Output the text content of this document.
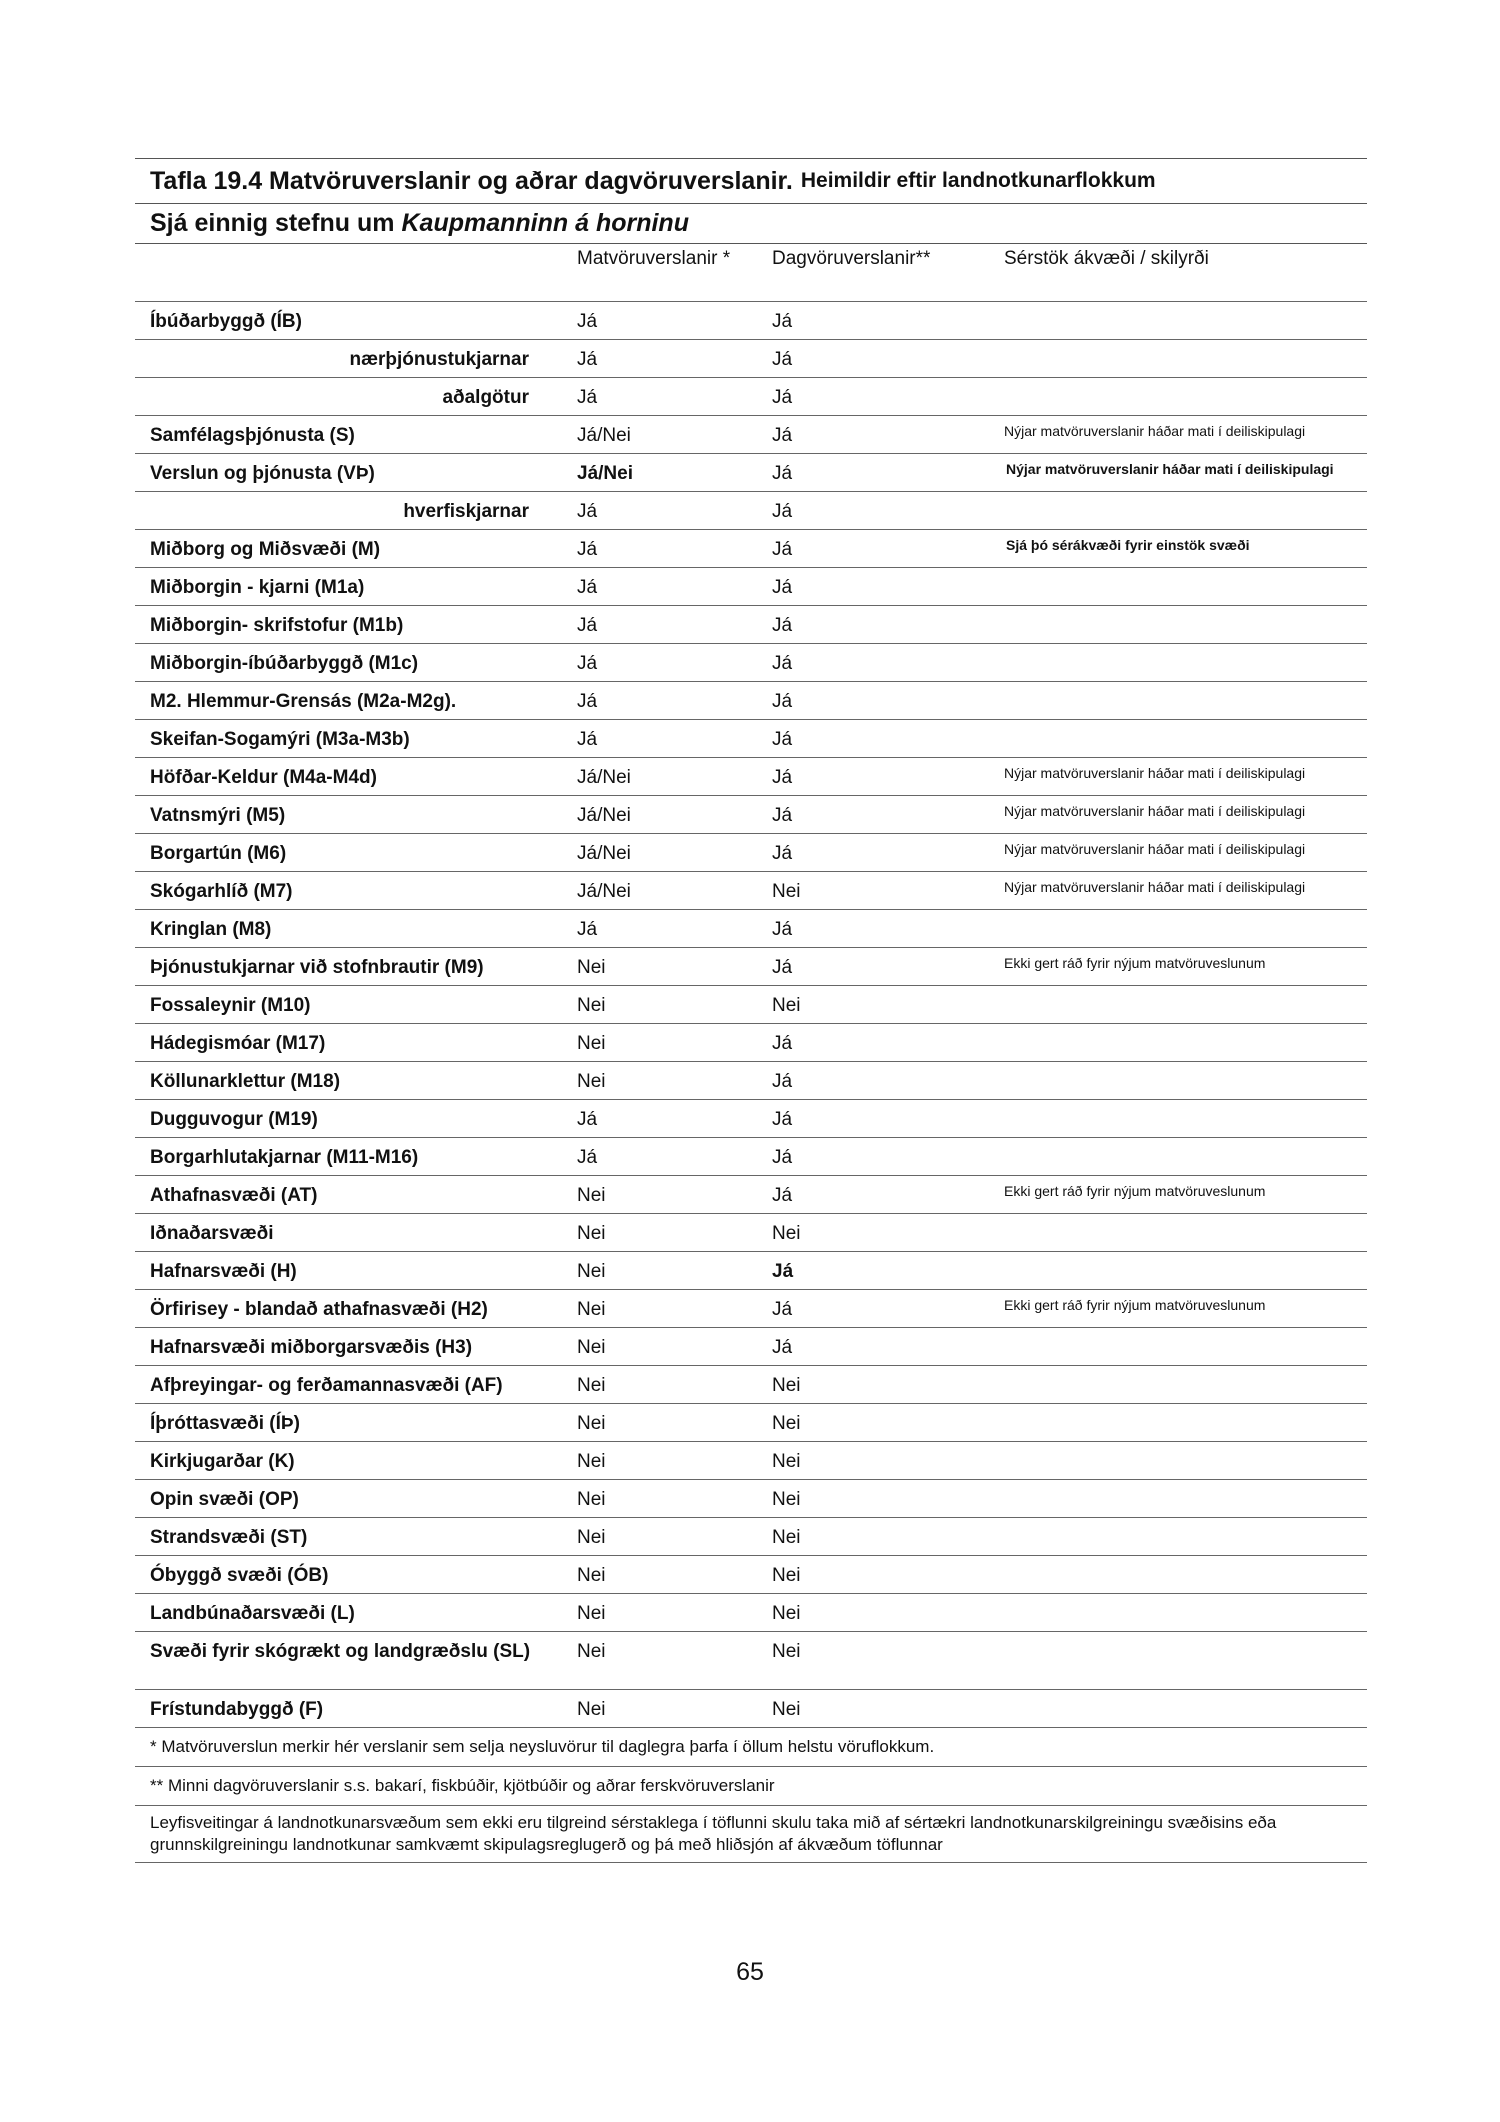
Tafla 19.4 Matvöruverslanir og aðrar dagvöruverslanir. Heimildir eftir landnotkunarflokkum
Sjá einnig stefnu um Kaupmanninn á horninu
	Matvöruverslanir *	Dagvöruverslanir**	Sérstök ákvæði / skilyrði
Íbúðarbyggð (ÍB)	Já	Já	
nærþjónustukjarnar	Já	Já	
aðalgötur	Já	Já	
Samfélagsþjónusta (S)	Já/Nei	Já	Nýjar matvöruverslanir háðar mati í deiliskipulagi
Verslun og þjónusta (VÞ)	Já/Nei	Já	Nýjar matvöruverslanir háðar mati í deiliskipulagi
hverfiskjarnar	Já	Já	
Miðborg og Miðsvæði (M)	Já	Já	Sjá þó sérákvæði fyrir einstök svæði
Miðborgin - kjarni (M1a)	Já	Já	
Miðborgin- skrifstofur (M1b)	Já	Já	
Miðborgin-íbúðarbyggð (M1c)	Já	Já	
M2. Hlemmur-Grensás (M2a-M2g).	Já	Já	
Skeifan-Sogamýri (M3a-M3b)	Já	Já	
Höfðar-Keldur (M4a-M4d)	Já/Nei	Já	Nýjar matvöruverslanir háðar mati í deiliskipulagi
Vatnsmýri (M5)	Já/Nei	Já	Nýjar matvöruverslanir háðar mati í deiliskipulagi
Borgartún (M6)	Já/Nei	Já	Nýjar matvöruverslanir háðar mati í deiliskipulagi
Skógarhlíð (M7)	Já/Nei	Nei	Nýjar matvöruverslanir háðar mati í deiliskipulagi
Kringlan (M8)	Já	Já	
Þjónustukjarnar við stofnbrautir (M9)	Nei	Já	Ekki gert ráð fyrir nýjum matvöruveslunum
Fossaleynir (M10)	Nei	Nei	
Hádegismóar (M17)	Nei	Já	
Köllunarklettur (M18)	Nei	Já	
Dugguvogur (M19)	Já	Já	
Borgarhlutakjarnar (M11-M16)	Já	Já	
Athafnasvæði (AT)	Nei	Já	Ekki gert ráð fyrir nýjum matvöruveslunum
Iðnaðarsvæði	Nei	Nei	
Hafnarsvæði (H)	Nei	Já	
Örfirisey - blandað athafnasvæði (H2)	Nei	Já	Ekki gert ráð fyrir nýjum matvöruveslunum
Hafnarsvæði miðborgarsvæðis (H3)	Nei	Já	
Afþreyingar- og ferðamannasvæði (AF)	Nei	Nei	
Íþróttasvæði (ÍÞ)	Nei	Nei	
Kirkjugarðar (K)	Nei	Nei	
Opin svæði (OP)	Nei	Nei	
Strandsvæði (ST)	Nei	Nei	
Óbyggð svæði (ÓB)	Nei	Nei	
Landbúnaðarsvæði (L)	Nei	Nei	
Svæði fyrir skógrækt og landgræðslu (SL)	Nei	Nei	
Frístundabyggð (F)	Nei	Nei	
* Matvöruverslun merkir hér verslanir sem selja neysluvörur til daglegra þarfa í öllum helstu vöruflokkum.
** Minni dagvöruverslanir s.s. bakarí, fiskbúðir, kjötbúðir og aðrar ferskvöruverslanir
Leyfisveitingar á landnotkunarsvæðum sem ekki eru tilgreind sérstaklega í töflunni skulu taka mið af sértækri landnotkunarskilgreiningu svæðisins eða grunnskilgreiningu landnotkunar samkvæmt skipulagsreglugerð og þá með hliðsjón af ákvæðum töflunnar
65
